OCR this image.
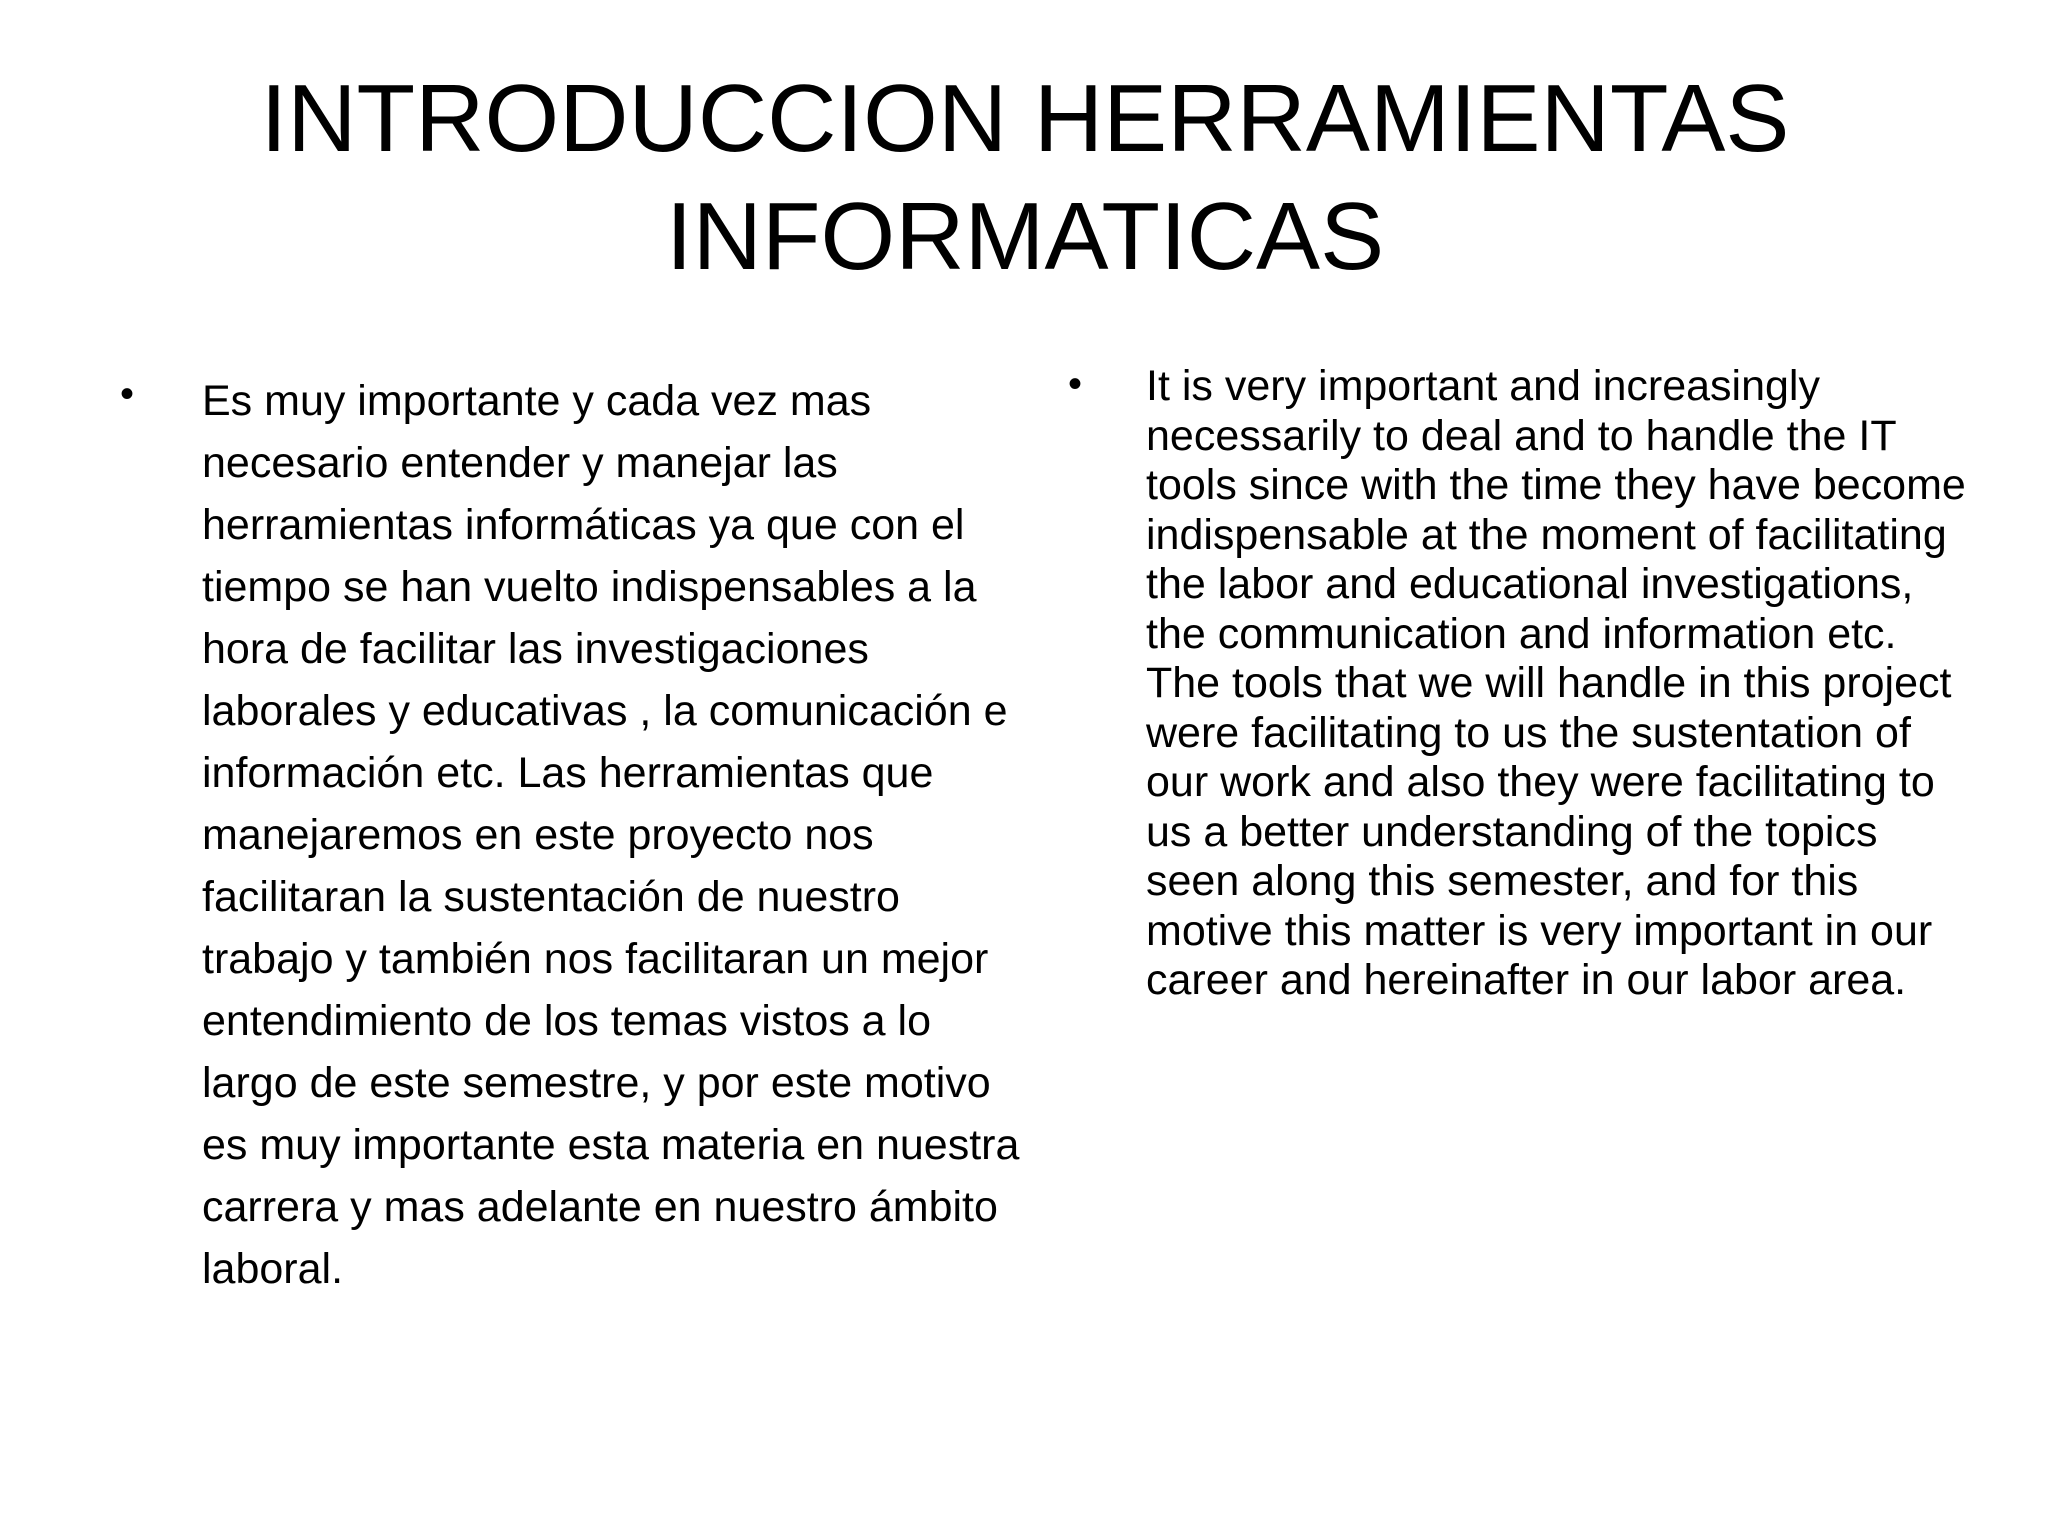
INTRODUCCION HERRAMIENTAS INFORMATICAS
• Es muy importante y cada vez mas necesario entender y manejar las herramientas informáticas ya que con el tiempo se han vuelto indispensables a la hora de facilitar las investigaciones laborales y educativas , la comunicación e información etc. Las herramientas que manejaremos en este proyecto nos facilitaran la sustentación de nuestro trabajo y también nos facilitaran un mejor entendimiento de los temas vistos a lo largo de este semestre, y por este motivo es muy importante esta materia en nuestra carrera y mas adelante en nuestro ámbito laboral.
• It is very important and increasingly necessarily to deal and to handle the IT tools since with the time they have become indispensable at the moment of facilitating the labor and educational investigations, the communication and information etc. The tools that we will handle in this project were facilitating to us the sustentation of our work and also they were facilitating to us a better understanding of the topics seen along this semester, and for this motive this matter is very important in our career and hereinafter in our labor area.
